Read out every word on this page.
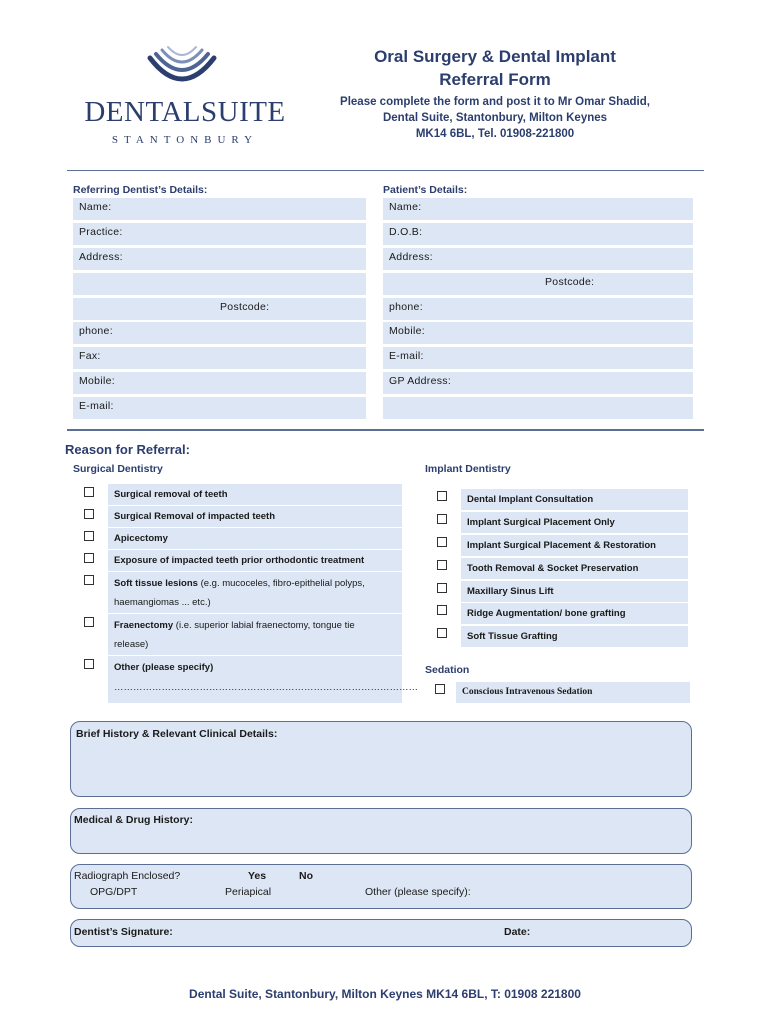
DENTALSUITE
STANTONBURY
Oral Surgery & Dental Implant
Referral Form
Please complete the form and post it to Mr Omar Shadid,
Dental Suite, Stantonbury, Milton Keynes
MK14 6BL, Tel. 01908-221800
Referring Dentist’s Details:
Name:
Practice:
Address:
Postcode:
phone:
Fax:
Mobile:
E-mail:
Patient’s Details:
Name:
D.O.B:
Address:
Postcode:
phone:
Mobile:
E-mail:
GP Address:
Reason for Referral:
Surgical Dentistry	Implant Dentistry
Surgical removal of teeth
Surgical Removal of impacted teeth
Apicectomy
Exposure of impacted teeth prior orthodontic treatment
Soft tissue lesions (e.g. mucoceles, fibro-epithelial polyps,
haemangiomas ... etc.)
Fraenectomy (i.e. superior labial fraenectomy, tongue tie
release)
Other (please specify)
……………………………………………………………………………………
Dental Implant Consultation
Implant Surgical Placement Only
Implant Surgical Placement & Restoration
Tooth Removal & Socket Preservation
Maxillary Sinus Lift
Ridge Augmentation/ bone grafting
Soft Tissue Grafting
Sedation
Conscious Intravenous Sedation
Brief History & Relevant Clinical Details:
Medical & Drug History:
Radiograph Enclosed?	Yes	No
OPG/DPT	Periapical	Other (please specify):
Dentist’s Signature:	Date:
Dental Suite, Stantonbury, Milton Keynes MK14 6BL, T: 01908 221800
